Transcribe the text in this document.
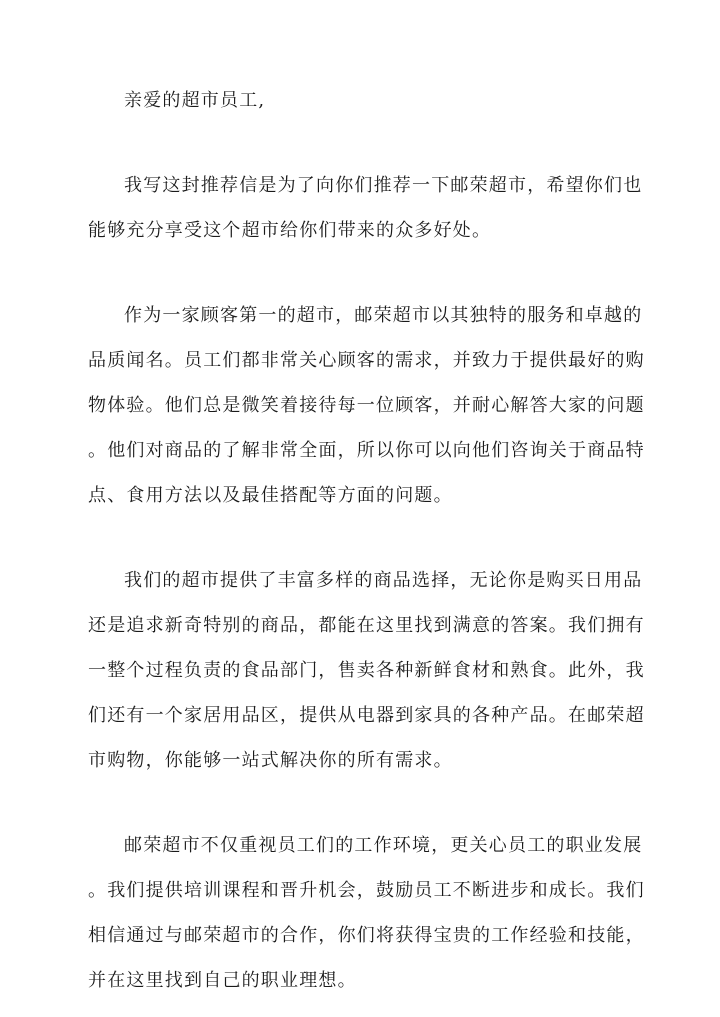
亲爱的超市员工,
我写这封推荐信是为了向你们推荐一下邮荣超市，希望你们也
能够充分享受这个超市给你们带来的众多好处。
作为一家顾客第一的超市，邮荣超市以其独特的服务和卓越的
品质闻名。员工们都非常关心顾客的需求，并致力于提供最好的购
物体验。他们总是微笑着接待每一位顾客，并耐心解答大家的问题
。他们对商品的了解非常全面，所以你可以向他们咨询关于商品特
点、食用方法以及最佳搭配等方面的问题。
我们的超市提供了丰富多样的商品选择，无论你是购买日用品
还是追求新奇特别的商品，都能在这里找到满意的答案。我们拥有
一整个过程负责的食品部门，售卖各种新鲜食材和熟食。此外，我
们还有一个家居用品区，提供从电器到家具的各种产品。在邮荣超
市购物，你能够一站式解决你的所有需求。
邮荣超市不仅重视员工们的工作环境，更关心员工的职业发展
。我们提供培训课程和晋升机会，鼓励员工不断进步和成长。我们
相信通过与邮荣超市的合作，你们将获得宝贵的工作经验和技能，
并在这里找到自己的职业理想。
